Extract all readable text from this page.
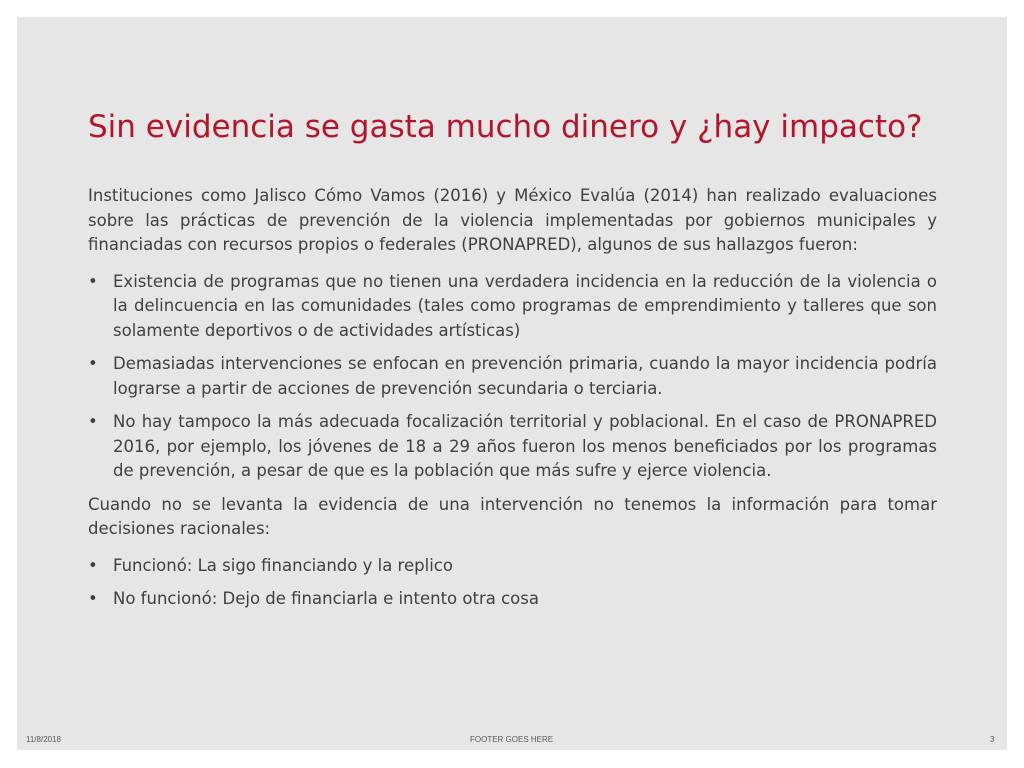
Sin evidencia se gasta mucho dinero y ¿hay impacto?

Instituciones como Jalisco Cómo Vamos (2016) y México Evalúa (2014) han realizado evaluaciones sobre las prácticas de prevención de la violencia implementadas por gobiernos municipales y financiadas con recursos propios o federales (PRONAPRED), algunos de sus hallazgos fueron:

• Existencia de programas que no tienen una verdadera incidencia en la reducción de la violencia o la delincuencia en las comunidades (tales como programas de emprendimiento y talleres que son solamente deportivos o de actividades artísticas)
• Demasiadas intervenciones se enfocan en prevención primaria, cuando la mayor incidencia podría lograrse a partir de acciones de prevención secundaria o terciaria.
• No hay tampoco la más adecuada focalización territorial y poblacional. En el caso de PRONAPRED 2016, por ejemplo, los jóvenes de 18 a 29 años fueron los menos beneficiados por los programas de prevención, a pesar de que es la población que más sufre y ejerce violencia.

Cuando no se levanta la evidencia de una intervención no tenemos la información para tomar decisiones racionales:

• Funcionó: La sigo financiando y la replico
• No funcionó: Dejo de financiarla e intento otra cosa
11/8/2018	FOOTER GOES HERE	3
